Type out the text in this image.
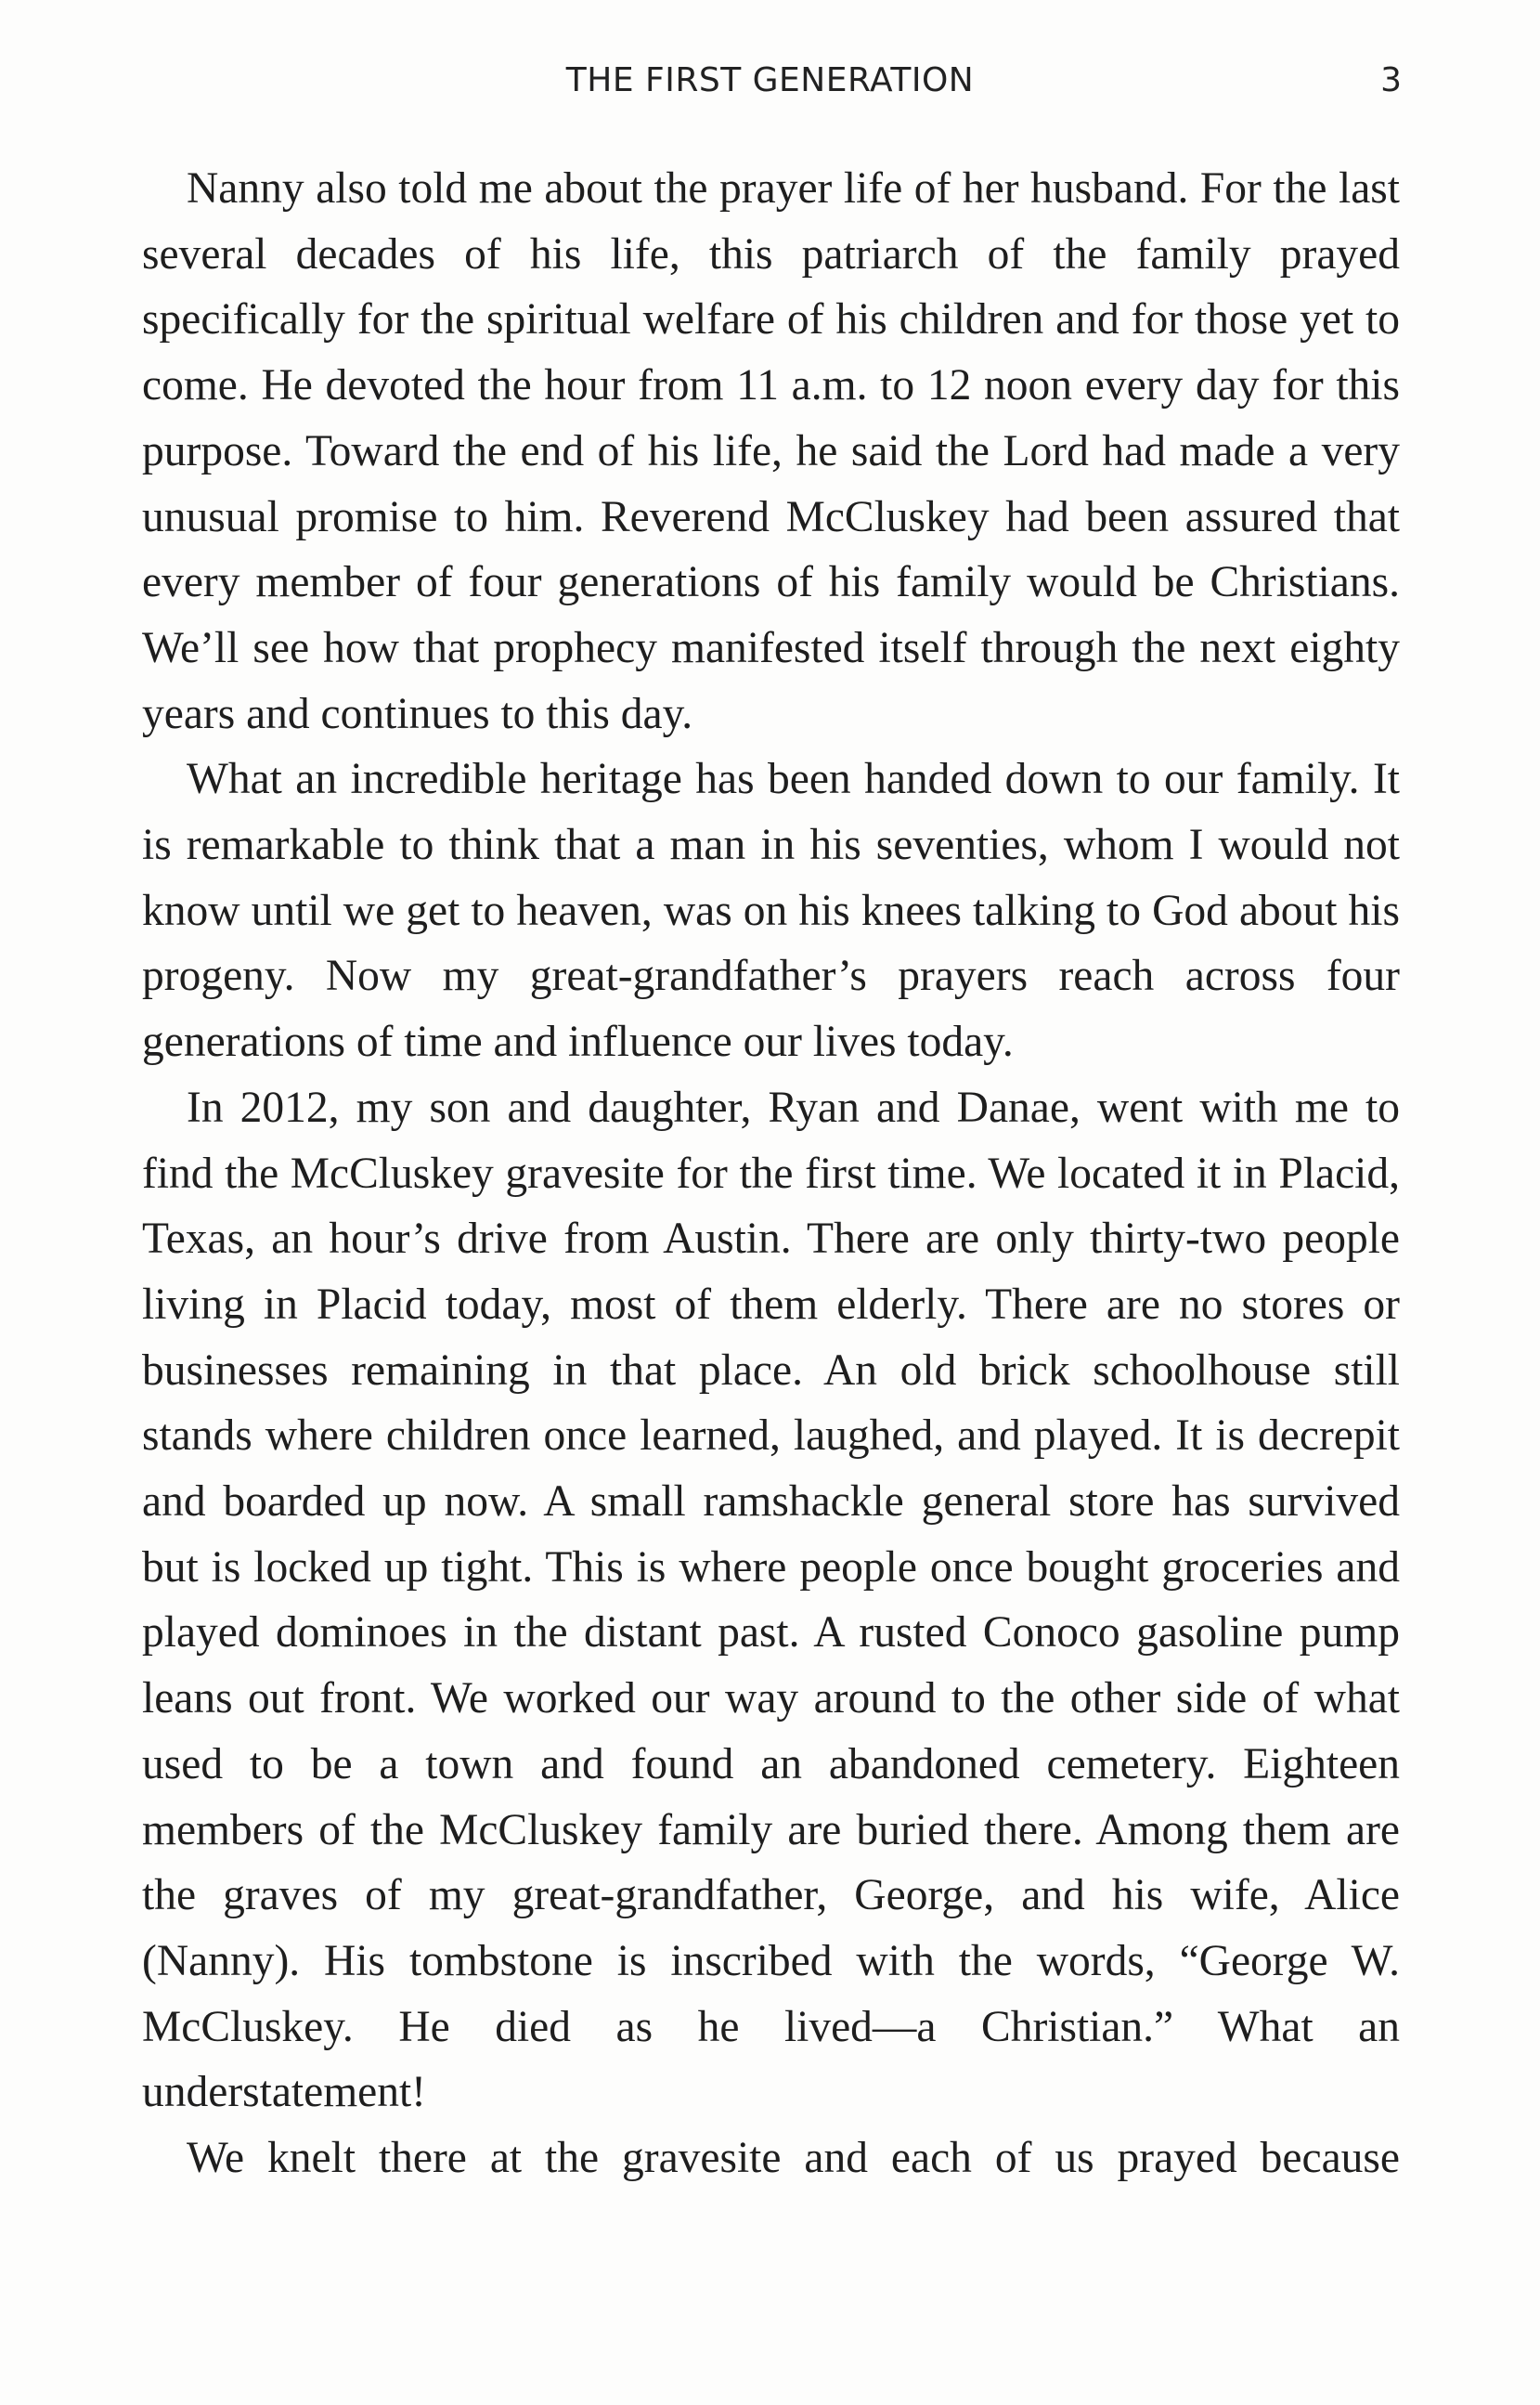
THE FIRST GENERATION	3

Nanny also told me about the prayer life of her husband. For the last several decades of his life, this patriarch of the family prayed specifically for the spiritual welfare of his children and for those yet to come. He devoted the hour from 11 a.m. to 12 noon every day for this purpose. Toward the end of his life, he said the Lord had made a very unusual promise to him. Reverend McCluskey had been assured that every member of four generations of his family would be Christians. We’ll see how that prophecy manifested itself through the next eighty years and continues to this day.

What an incredible heritage has been handed down to our family. It is remarkable to think that a man in his seventies, whom I would not know until we get to heaven, was on his knees talking to God about his progeny. Now my great-grandfather’s prayers reach across four generations of time and influence our lives today.

In 2012, my son and daughter, Ryan and Danae, went with me to find the McCluskey gravesite for the first time. We located it in Placid, Texas, an hour’s drive from Austin. There are only thirty-two people living in Placid today, most of them elderly. There are no stores or businesses remaining in that place. An old brick schoolhouse still stands where children once learned, laughed, and played. It is decrepit and boarded up now. A small ramshackle general store has survived but is locked up tight. This is where people once bought groceries and played dominoes in the distant past. A rusted Conoco gasoline pump leans out front. We worked our way around to the other side of what used to be a town and found an abandoned cemetery. Eighteen members of the McCluskey family are buried there. Among them are the graves of my great-grandfather, George, and his wife, Alice (Nanny). His tombstone is inscribed with the words, “George W. McCluskey. He died as he lived—a Christian.” What an understatement!

We knelt there at the gravesite and each of us prayed because
